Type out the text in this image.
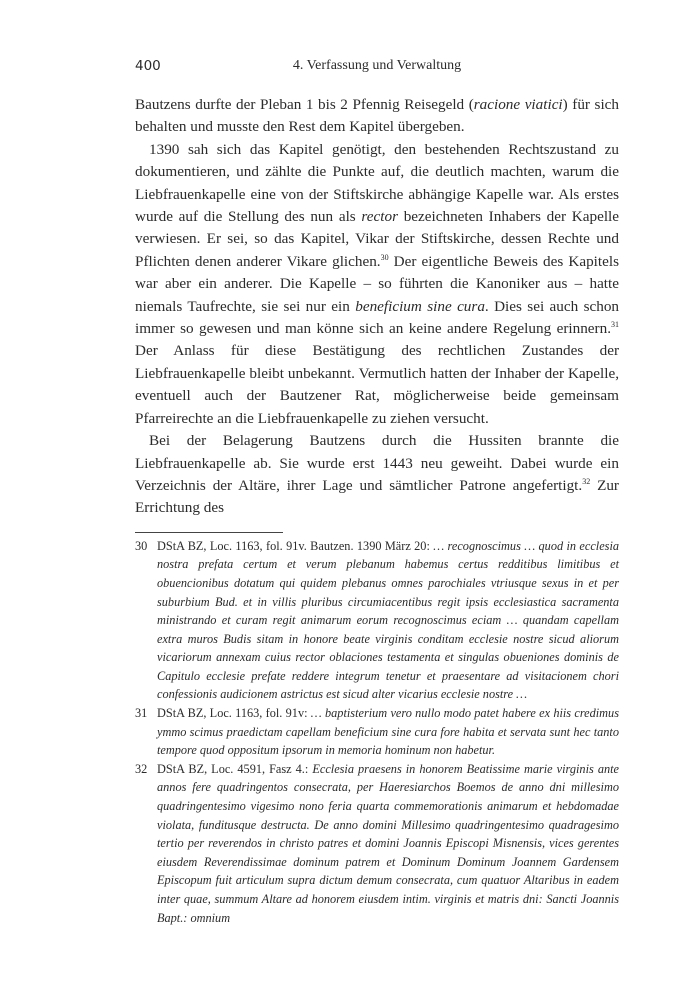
400	4. Verfassung und Verwaltung

Bautzens durfte der Pleban 1 bis 2 Pfennig Reisegeld (racione viatici) für sich behalten und musste den Rest dem Kapitel übergeben.

1390 sah sich das Kapitel genötigt, den bestehenden Rechtszustand zu dokumentieren, und zählte die Punkte auf, die deutlich machten, warum die Liebfrauenkapelle eine von der Stiftskirche abhängige Kapelle war. Als erstes wurde auf die Stellung des nun als rector bezeichneten Inhabers der Kapelle verwiesen. Er sei, so das Kapitel, Vikar der Stiftskirche, dessen Rechte und Pflichten denen anderer Vikare glichen.$^{30}$ Der eigentliche Beweis des Kapitels war aber ein anderer. Die Kapelle – so führten die Kanoniker aus – hatte niemals Taufrechte, sie sei nur ein beneficium sine cura. Dies sei auch schon immer so gewesen und man könne sich an keine andere Regelung erinnern.$^{31}$ Der Anlass für diese Bestätigung des rechtlichen Zustandes der Liebfrauenkapelle bleibt unbekannt. Vermutlich hatten der Inhaber der Kapelle, eventuell auch der Bautzener Rat, möglicherweise beide gemeinsam Pfarreirechte an die Liebfrauenkapelle zu ziehen versucht.

Bei der Belagerung Bautzens durch die Hussiten brannte die Liebfrauenkapelle ab. Sie wurde erst 1443 neu geweiht. Dabei wurde ein Verzeichnis der Altäre, ihrer Lage und sämtlicher Patrone angefertigt.$^{32}$ Zur Errichtung des

30 DStA BZ, Loc. 1163, fol. 91v. Bautzen. 1390 März 20: … recognoscimus … quod in ecclesia nostra prefata certum et verum plebanum habemus certus redditibus limitibus et obuencionibus dotatum qui quidem plebanus omnes parochiales vtriusque sexus in et per suburbium Bud. et in villis pluribus circumiacentibus regit ipsis ecclesiastica sacramenta ministrando et curam regit animarum eorum recognoscimus eciam … quandam capellam extra muros Budis sitam in honore beate virginis conditam ecclesie nostre sicud aliorum vicariorum annexam cuius rector oblaciones testamenta et singulas obueniones dominis de Capitulo ecclesie prefate reddere integrum tenetur et praesentare ad visitacionem chori confessionis audicionem astrictus est sicud alter vicarius ecclesie nostre …
31 DStA BZ, Loc. 1163, fol. 91v: … baptisterium vero nullo modo patet habere ex hiis credimus ymmo scimus praedictam capellam beneficium sine cura fore habita et servata sunt hec tanto tempore quod oppositum ipsorum in memoria hominum non habetur.
32 DStA BZ, Loc. 4591, Fasz 4.: Ecclesia praesens in honorem Beatissime marie virginis ante annos fere quadringentos consecrata, per Haeresiarchos Boemos de anno dni millesimo quadringentesimo vigesimo nono feria quarta commemorationis animarum et hebdomadae violata, funditusque destructa. De anno domini Millesimo quadringentesimo quadragesimo tertio per reverendos in christo patres et domini Joannis Episcopi Misnensis, vices gerentes eiusdem Reverendissimae dominum patrem et Dominum Dominum Joannem Gardensem Episcopum fuit articulum supra dictum demum consecrata, cum quatuor Altaribus in eadem inter quae, summum Altare ad honorem eiusdem intim. virginis et matris dni: Sancti Joannis Bapt.: omnium
